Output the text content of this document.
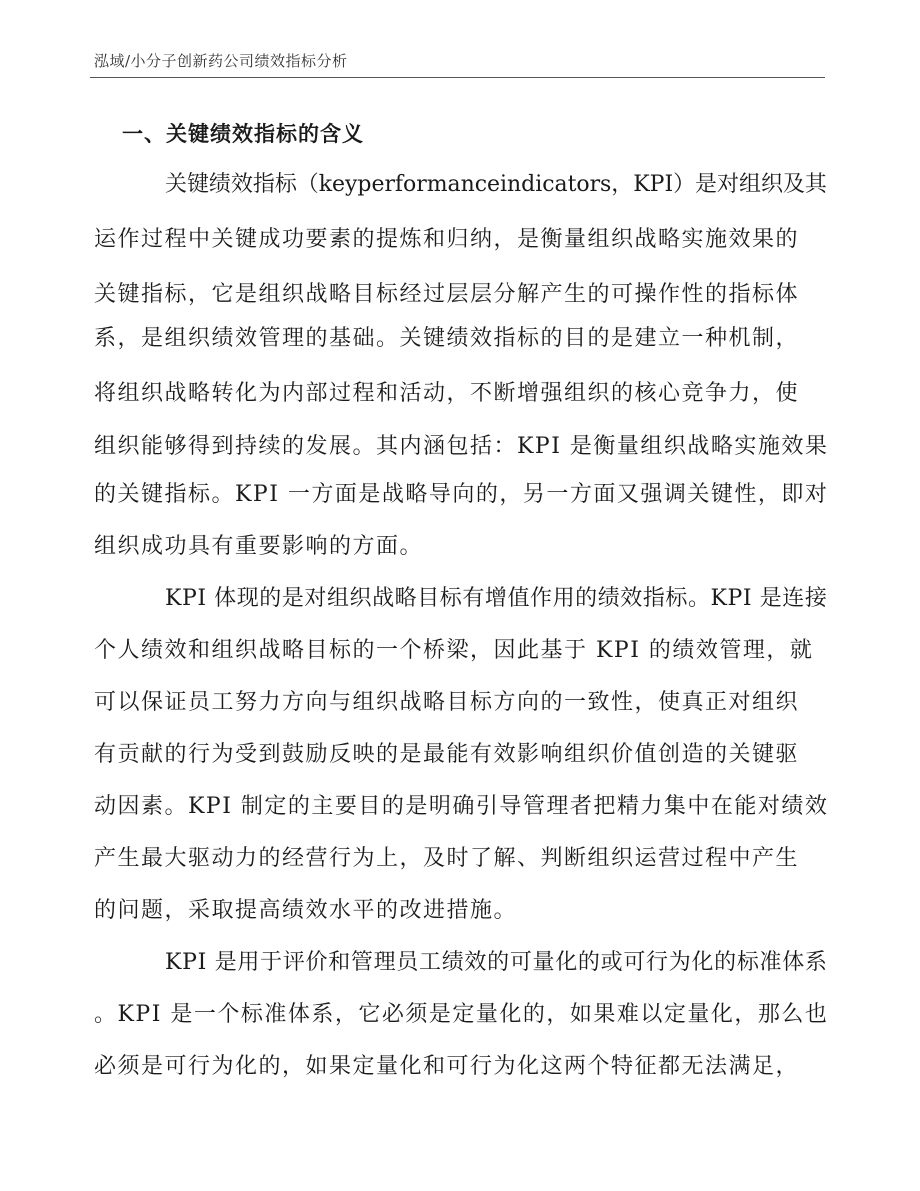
泓域/小分子创新药公司绩效指标分析
一、关键绩效指标的含义
关键绩效指标（keyperformanceindicators，KPI）是对组织及其
运作过程中关键成功要素的提炼和归纳，是衡量组织战略实施效果的
关键指标，它是组织战略目标经过层层分解产生的可操作性的指标体
系，是组织绩效管理的基础。关键绩效指标的目的是建立一种机制，
将组织战略转化为内部过程和活动，不断增强组织的核心竞争力，使
组织能够得到持续的发展。其内涵包括：KPI 是衡量组织战略实施效果
的关键指标。KPI 一方面是战略导向的，另一方面又强调关键性，即对
组织成功具有重要影响的方面。
KPI 体现的是对组织战略目标有增值作用的绩效指标。KPI 是连接
个人绩效和组织战略目标的一个桥梁，因此基于 KPI 的绩效管理，就
可以保证员工努力方向与组织战略目标方向的一致性，使真正对组织
有贡献的行为受到鼓励反映的是最能有效影响组织价值创造的关键驱
动因素。KPI 制定的主要目的是明确引导管理者把精力集中在能对绩效
产生最大驱动力的经营行为上，及时了解、判断组织运营过程中产生
的问题，采取提高绩效水平的改进措施。
KPI 是用于评价和管理员工绩效的可量化的或可行为化的标准体系
。KPI 是一个标准体系，它必须是定量化的，如果难以定量化，那么也
必须是可行为化的，如果定量化和可行为化这两个特征都无法满足，
